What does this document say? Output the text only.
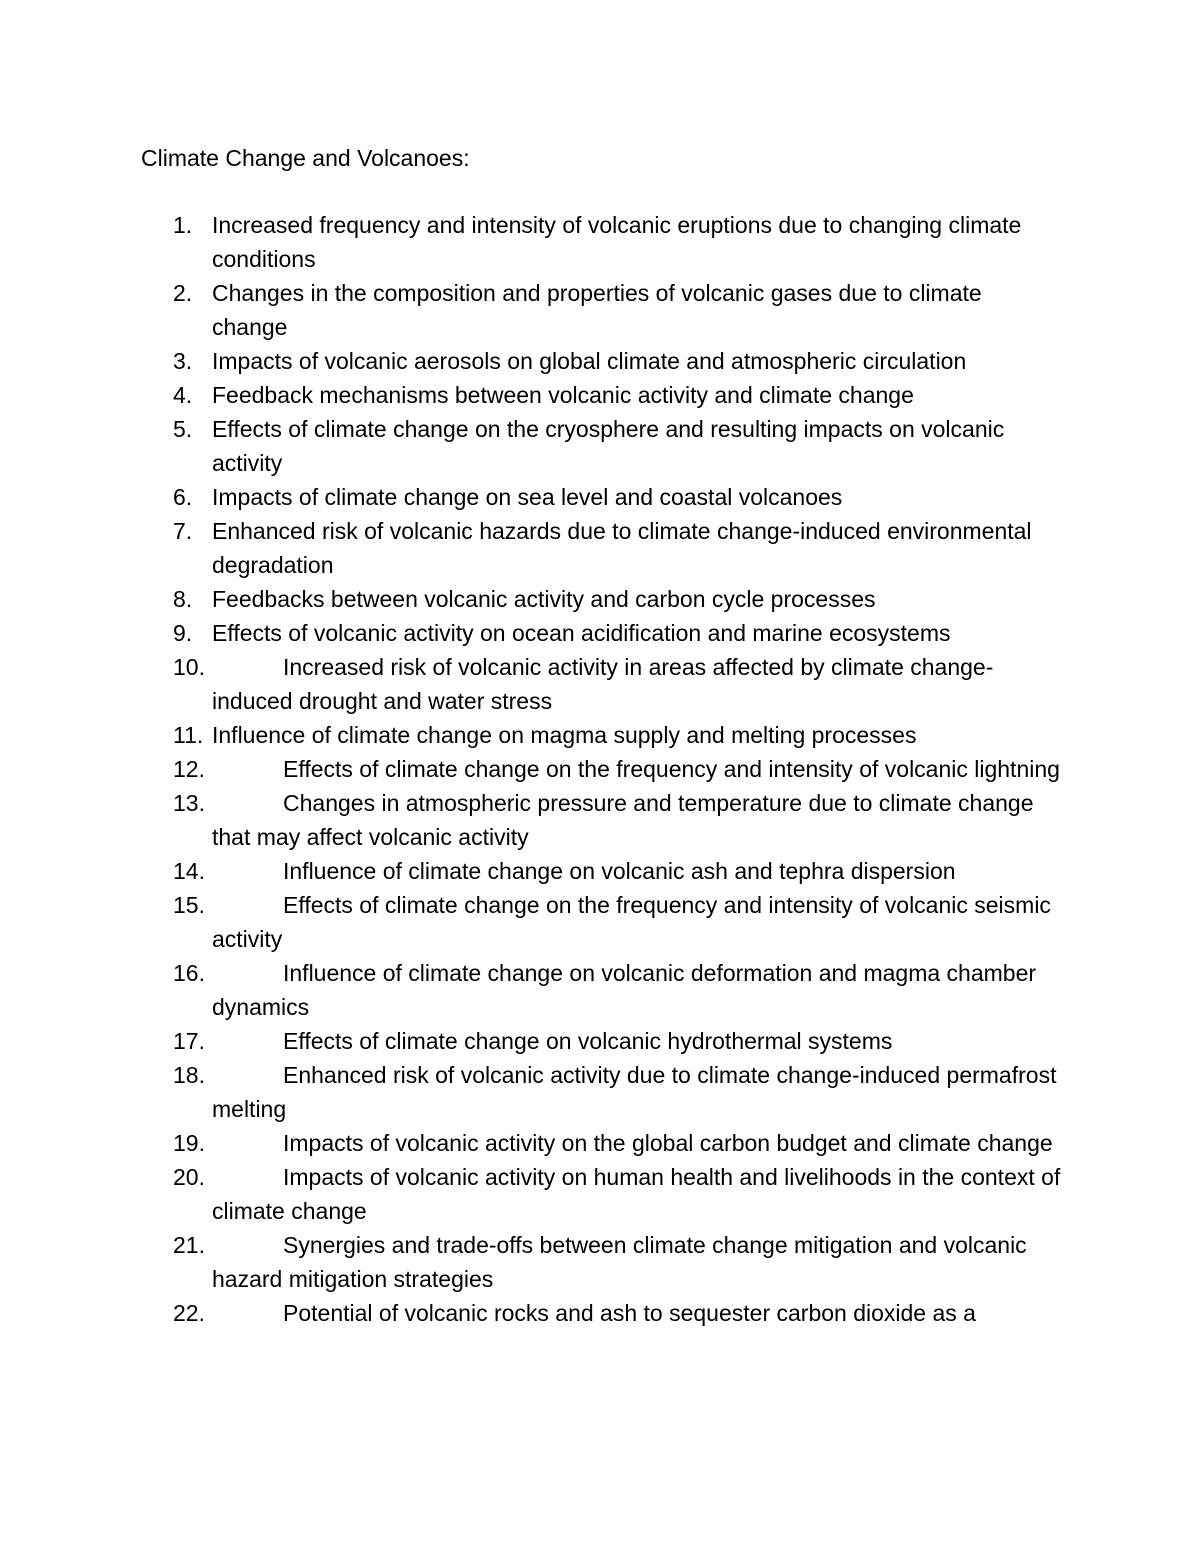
Climate Change and Volcanoes:
1. Increased frequency and intensity of volcanic eruptions due to changing climate conditions
2. Changes in the composition and properties of volcanic gases due to climate change
3. Impacts of volcanic aerosols on global climate and atmospheric circulation
4. Feedback mechanisms between volcanic activity and climate change
5. Effects of climate change on the cryosphere and resulting impacts on volcanic activity
6. Impacts of climate change on sea level and coastal volcanoes
7. Enhanced risk of volcanic hazards due to climate change-induced environmental degradation
8. Feedbacks between volcanic activity and carbon cycle processes
9. Effects of volcanic activity on ocean acidification and marine ecosystems
10.	Increased risk of volcanic activity in areas affected by climate change-induced drought and water stress
11. Influence of climate change on magma supply and melting processes
12.	Effects of climate change on the frequency and intensity of volcanic lightning
13.	Changes in atmospheric pressure and temperature due to climate change that may affect volcanic activity
14.	Influence of climate change on volcanic ash and tephra dispersion
15.	Effects of climate change on the frequency and intensity of volcanic seismic activity
16.	Influence of climate change on volcanic deformation and magma chamber dynamics
17.	Effects of climate change on volcanic hydrothermal systems
18.	Enhanced risk of volcanic activity due to climate change-induced permafrost melting
19.	Impacts of volcanic activity on the global carbon budget and climate change
20.	Impacts of volcanic activity on human health and livelihoods in the context of climate change
21.	Synergies and trade-offs between climate change mitigation and volcanic hazard mitigation strategies
22.	Potential of volcanic rocks and ash to sequester carbon dioxide as a
